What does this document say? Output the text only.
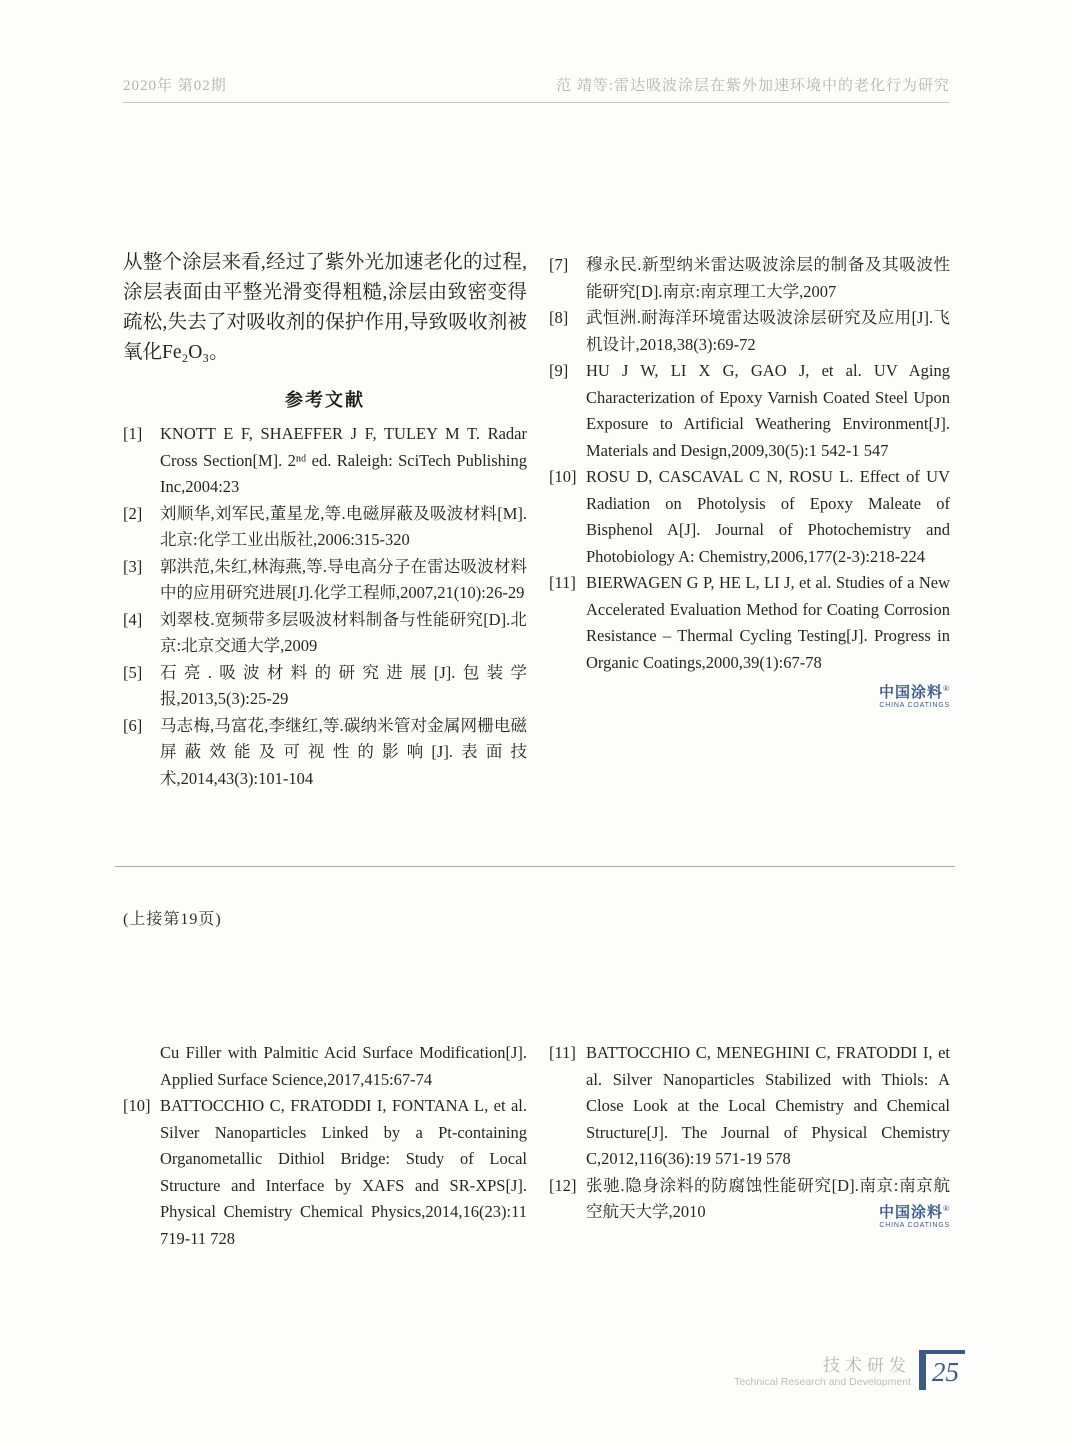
2020年 第02期	范 靖等:雷达吸波涂层在紫外加速环境中的老化行为研究

从整个涂层来看,经过了紫外光加速老化的过程,涂层表面由平整光滑变得粗糙,涂层由致密变得疏松,失去了对吸收剂的保护作用,导致吸收剂被氧化Fe₂O₃。

参考文献
[1]	KNOTT E F, SHAEFFER J F, TULEY M T. Radar Cross Section[M]. 2ⁿᵈ ed. Raleigh: SciTech Publishing Inc,2004:23
[2]	刘顺华,刘军民,董星龙,等.电磁屏蔽及吸波材料[M].北京:化学工业出版社,2006:315-320
[3]	郭洪范,朱红,林海燕,等.导电高分子在雷达吸波材料中的应用研究进展[J].化学工程师,2007,21(10):26-29
[4]	刘翠枝.宽频带多层吸波材料制备与性能研究[D].北京:北京交通大学,2009
[5]	石亮.吸波材料的研究进展[J].包装学报,2013,5(3):25-29
[6]	马志梅,马富花,李继红,等.碳纳米管对金属网栅电磁屏蔽效能及可视性的影响[J].表面技术,2014,43(3):101-104
[7]	穆永民.新型纳米雷达吸波涂层的制备及其吸波性能研究[D].南京:南京理工大学,2007
[8]	武恒洲.耐海洋环境雷达吸波涂层研究及应用[J].飞机设计,2018,38(3):69-72
[9]	HU J W, LI X G, GAO J, et al. UV Aging Characterization of Epoxy Varnish Coated Steel Upon Exposure to Artificial Weathering Environment[J]. Materials and Design,2009,30(5):1 542-1 547
[10] ROSU D, CASCAVAL C N, ROSU L. Effect of UV Radiation on Photolysis of Epoxy Maleate of Bisphenol A[J]. Journal of Photochemistry and Photobiology A: Chemistry,2006,177(2-3):218-224
[11] BIERWAGEN G P, HE L, LI J, et al. Studies of a New Accelerated Evaluation Method for Coating Corrosion Resistance – Thermal Cycling Testing[J]. Progress in Organic Coatings,2000,39(1):67-78
中国涂料®
CHINA COATINGS
(上接第19页)
Cu Filler with Palmitic Acid Surface Modification[J]. Applied Surface Science,2017,415:67-74
[10] BATTOCCHIO C, FRATODDI I, FONTANA L, et al. Silver Nanoparticles Linked by a Pt-containing Organometallic Dithiol Bridge: Study of Local Structure and Interface by XAFS and SR-XPS[J]. Physical Chemistry Chemical Physics,2014,16(23):11 719-11 728
[11] BATTOCCHIO C, MENEGHINI C, FRATODDI I, et al. Silver Nanoparticles Stabilized with Thiols: A Close Look at the Local Chemistry and Chemical Structure[J]. The Journal of Physical Chemistry C,2012,116(36):19 571-19 578
[12] 张驰.隐身涂料的防腐蚀性能研究[D].南京:南京航空航天大学,2010	中国涂料®
CHINA COATINGS
技术研发
Technical Research and Development 25
